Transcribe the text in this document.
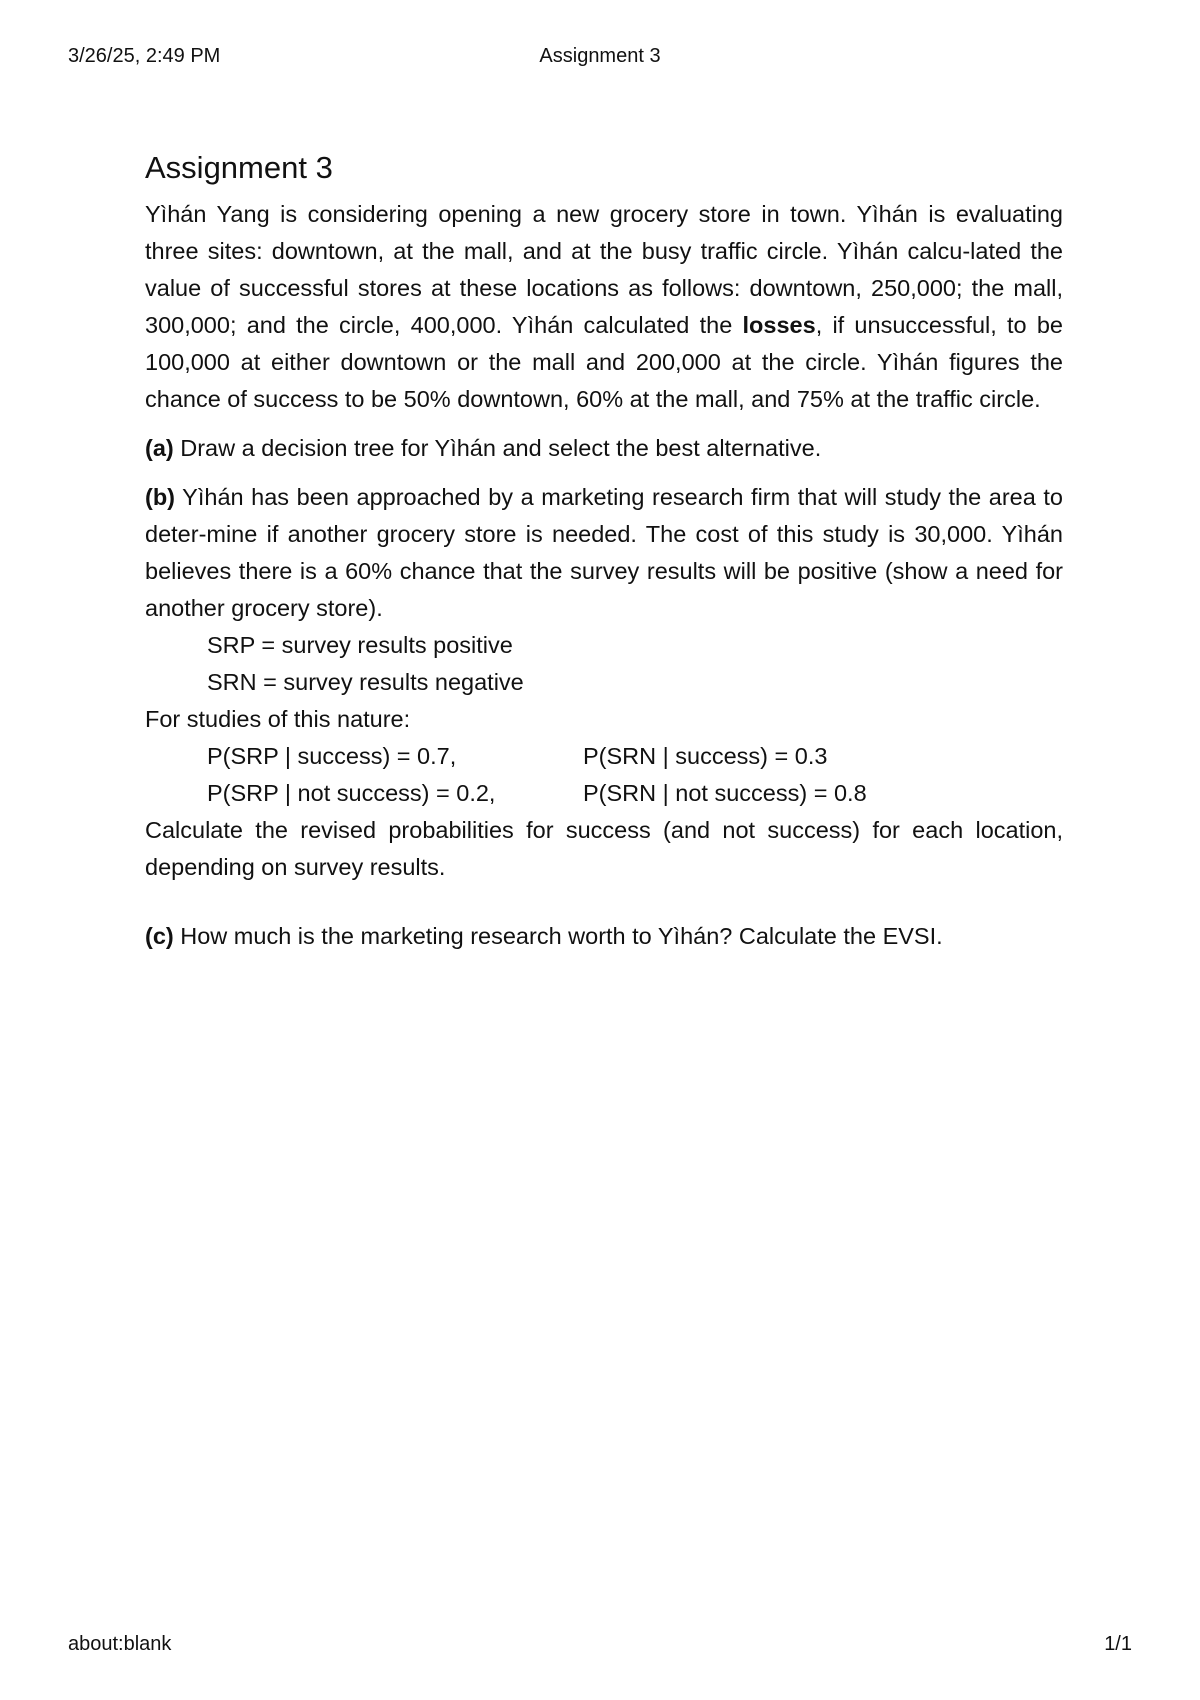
3/26/25, 2:49 PM	Assignment 3
Assignment 3

Yìhán Yang is considering opening a new grocery store in town. Yìhán is evaluating three sites: downtown, at the mall, and at the busy traffic circle. Yìhán calcu-lated the value of successful stores at these locations as follows: downtown, 250,000; the mall, 300,000; and the circle, 400,000. Yìhán calculated the losses, if unsuccessful, to be 100,000 at either downtown or the mall and 200,000 at the circle. Yìhán figures the chance of success to be 50% downtown, 60% at the mall, and 75% at the traffic circle.

(a) Draw a decision tree for Yìhán and select the best alternative.

(b) Yìhán has been approached by a marketing research firm that will study the area to deter-mine if another grocery store is needed. The cost of this study is 30,000. Yìhán believes there is a 60% chance that the survey results will be positive (show a need for another grocery store).

SRP = survey results positive
SRN = survey results negative
For studies of this nature:
P(SRP | success) = 0.7,	P(SRN | success) = 0.3
P(SRP | not success) = 0.2,	P(SRN | not success) = 0.8

Calculate the revised probabilities for success (and not success) for each location, depending on survey results.

(c) How much is the marketing research worth to Yìhán? Calculate the EVSI.

about:blank	1/1
